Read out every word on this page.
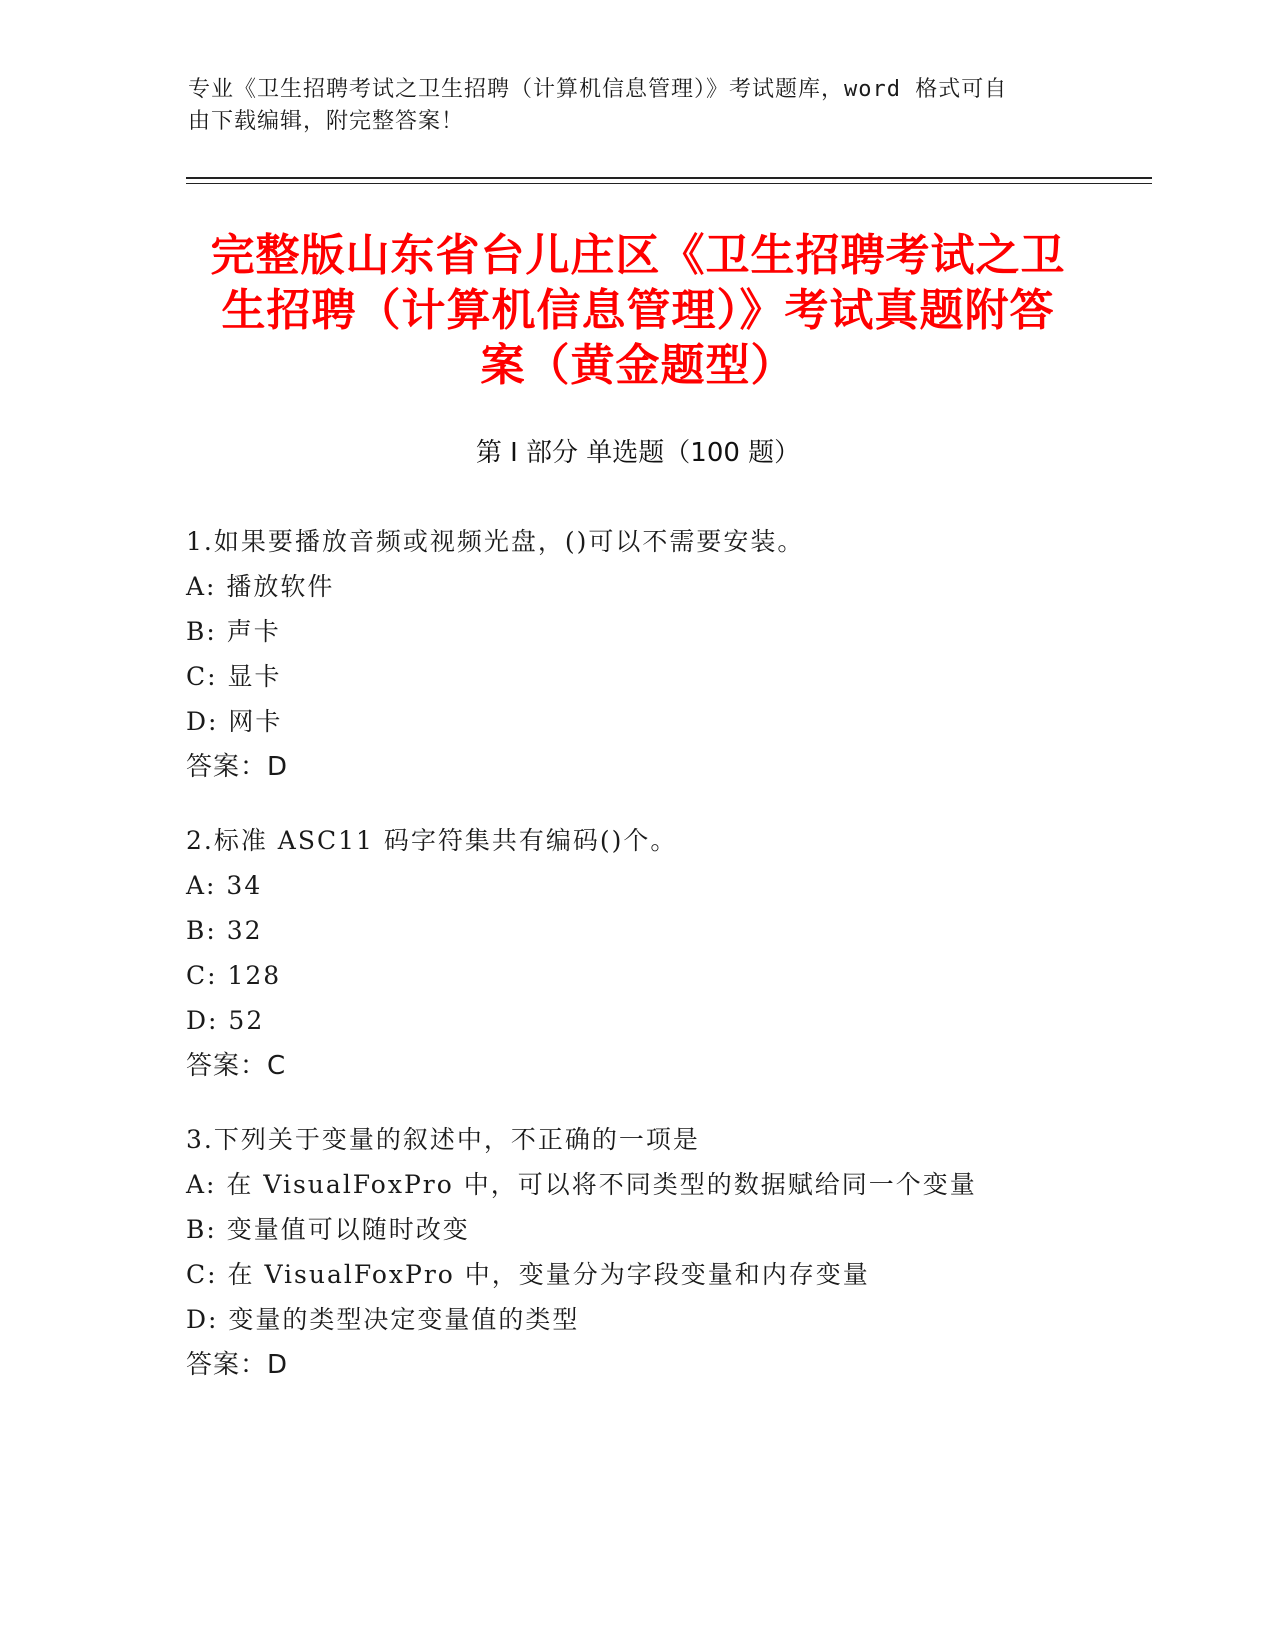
专业《卫生招聘考试之卫生招聘（计算机信息管理）》考试题库，word 格式可自
由下载编辑，附完整答案！
完整版山东省台儿庄区《卫生招聘考试之卫
生招聘（计算机信息管理）》考试真题附答
案（黄金题型）
第 I 部分 单选题（100 题）
1.如果要播放音频或视频光盘，()可以不需要安装。
A: 播放软件
B: 声卡
C: 显卡
D: 网卡
答案：D
2.标准 ASC11 码字符集共有编码()个。
A: 34
B: 32
C: 128
D: 52
答案：C
3.下列关于变量的叙述中，不正确的一项是
A: 在 VisualFoxPro 中，可以将不同类型的数据赋给同一个变量
B: 变量值可以随时改变
C: 在 VisualFoxPro 中，变量分为字段变量和内存变量
D: 变量的类型决定变量值的类型
答案：D
